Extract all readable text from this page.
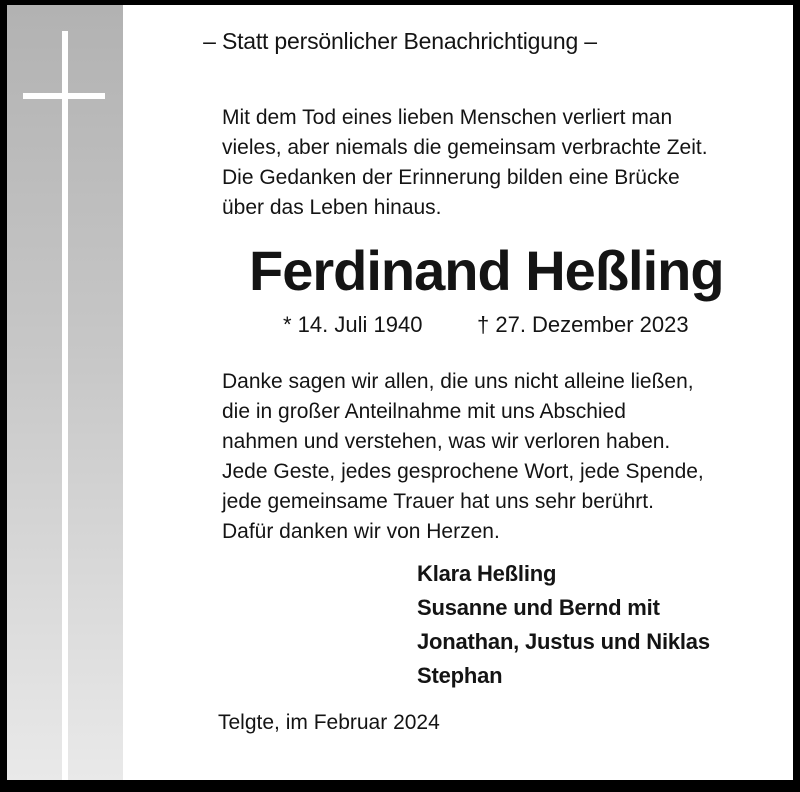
– Statt persönlicher Benachrichtigung –
Mit dem Tod eines lieben Menschen verliert man
vieles, aber niemals die gemeinsam verbrachte Zeit.
Die Gedanken der Erinnerung bilden eine Brücke
über das Leben hinaus.
Ferdinand Heßling
* 14. Juli 1940 † 27. Dezember 2023
Danke sagen wir allen, die uns nicht alleine ließen,
die in großer Anteilnahme mit uns Abschied
nahmen und verstehen, was wir verloren haben.
Jede Geste, jedes gesprochene Wort, jede Spende,
jede gemeinsame Trauer hat uns sehr berührt.
Dafür danken wir von Herzen.
Klara Heßling
Susanne und Bernd mit
Jonathan, Justus und Niklas
Stephan
Telgte, im Februar 2024
